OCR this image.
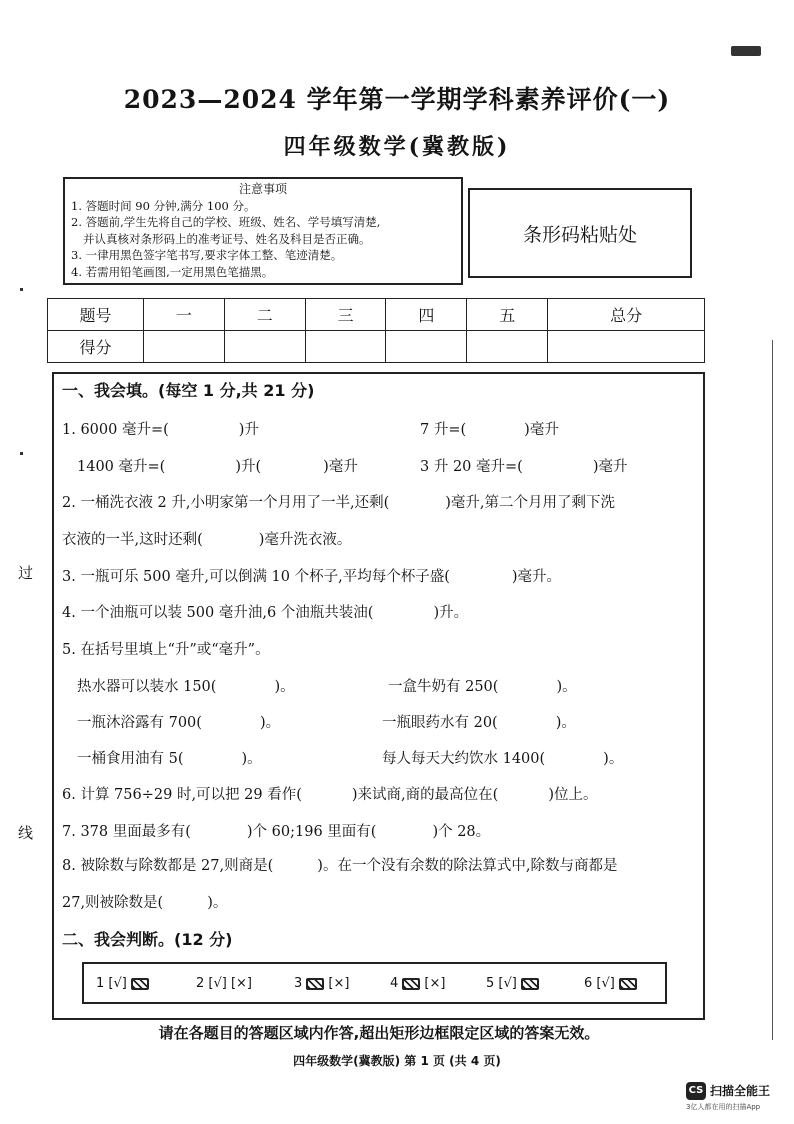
过
线
2023—2024 学年第一学期学科素养评价(一)
四年级数学(冀教版)
注意事项
1. 答题时间 90 分钟,满分 100 分。
2. 答题前,学生先将自己的学校、班级、姓名、学号填写清楚,
并认真核对条形码上的准考证号、姓名及科目是否正确。
3. 一律用黑色签字笔书写,要求字体工整、笔迹清楚。
4. 若需用铅笔画图,一定用黑色笔描黑。
条形码粘贴处
题号	一	二	三	四	五	总分
得分						
一、我会填。(每空 1 分,共 21 分)
1. 6000 毫升=(	)升	7 升=(	)毫升
1400 毫升=(	)升(	)毫升	3 升 20 毫升=(	)毫升
2. 一桶洗衣液 2 升,小明家第一个月用了一半,还剩(	)毫升,第二个月用了剩下洗
衣液的一半,这时还剩(	)毫升洗衣液。
3. 一瓶可乐 500 毫升,可以倒满 10 个杯子,平均每个杯子盛(	)毫升。
4. 一个油瓶可以装 500 毫升油,6 个油瓶共装油(	)升。
5. 在括号里填上“升”或“毫升”。
热水器可以装水 150(	)。	一盒牛奶有 250(	)。
一瓶沐浴露有 700(	)。	一瓶眼药水有 20(	)。
一桶食用油有 5(	)。	每人每天大约饮水 1400(	)。
6. 计算 756÷29 时,可以把 29 看作(	)来试商,商的最高位在(	)位上。
7. 378 里面最多有(	)个 60;196 里面有(	)个 28。
8. 被除数与除数都是 27,则商是(	)。在一个没有余数的除法算式中,除数与商都是
27,则被除数是(	)。
二、我会判断。(12 分)
1 [√]	2 [√] [×]	3 [×]	4 [×]	5 [√]	6 [√]
请在各题目的答题区域内作答,超出矩形边框限定区域的答案无效。
四年级数学(冀教版) 第 1 页 (共 4 页)
CS 扫描全能王
3亿人都在用的扫描App
